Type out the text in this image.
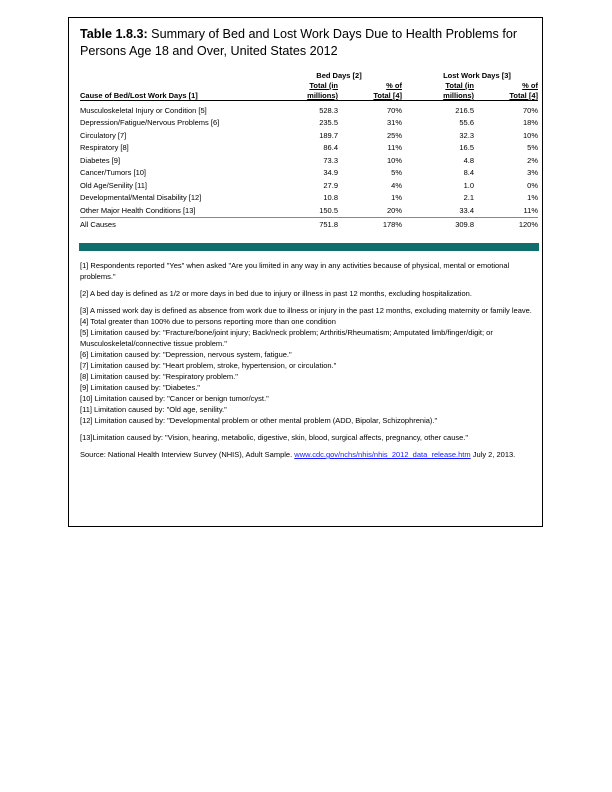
Table 1.8.3: Summary of Bed and Lost Work Days Due to Health Problems for Persons Age 18 and Over, United States 2012
	Bed Days [2]			Lost Work Days [3]	
	Total (in	% of		Total (in	% of
Cause of Bed/Lost Work Days [1]	millions)	Total [4]		millions)	Total [4]
Musculoskeletal Injury or Condition [5]	528.3	70%		216.5	70%
Depression/Fatigue/Nervous Problems [6]	235.5	31%		55.6	18%
Circulatory [7]	189.7	25%		32.3	10%
Respiratory [8]	86.4	11%		16.5	5%
Diabetes [9]	73.3	10%		4.8	2%
Cancer/Tumors [10]	34.9	5%		8.4	3%
Old Age/Senility [11]	27.9	4%		1.0	0%
Developmental/Mental Disability [12]	10.8	1%		2.1	1%
Other Major Health Conditions [13]	150.5	20%		33.4	11%
All Causes	751.8	178%		309.8	120%

[1] Respondents reported "Yes" when asked "Are you limited in any way in any activities because of physical, mental or emotional problems."

[2] A bed day is defined as 1/2 or more days in bed due to injury or illness in past 12 months, excluding hospitalization.

[3] A missed work day is defined as absence from work due to illness or injury in the past 12 months, excluding maternity or family leave.

[4] Total greater than 100% due to persons reporting more than one condition

[5] Limitation caused by: "Fracture/bone/joint injury; Back/neck problem; Arthritis/Rheumatism; Amputated limb/finger/digit; or Musculoskeletal/connective tissue problem."

[6] Limitation caused by: "Depression, nervous system, fatigue."

[7] Limitation caused by: "Heart problem, stroke, hypertension, or circulation."

[8] Limitation caused by: "Respiratory problem."

[9] Limitation caused by: "Diabetes."

[10] Limitation caused by: "Cancer or benign tumor/cyst."

[11] Limitation caused by: "Old age, senility."

[12] Limitation caused by: "Developmental problem or other mental problem (ADD, Bipolar, Schizophrenia)."

[13]Limitation caused by: "Vision, hearing, metabolic, digestive, skin, blood, surgical affects, pregnancy, other cause."

Source: National Health Interview Survey (NHIS), Adult Sample. www.cdc.gov/nchs/nhis/nhis_2012_data_release.htm July 2, 2013.
